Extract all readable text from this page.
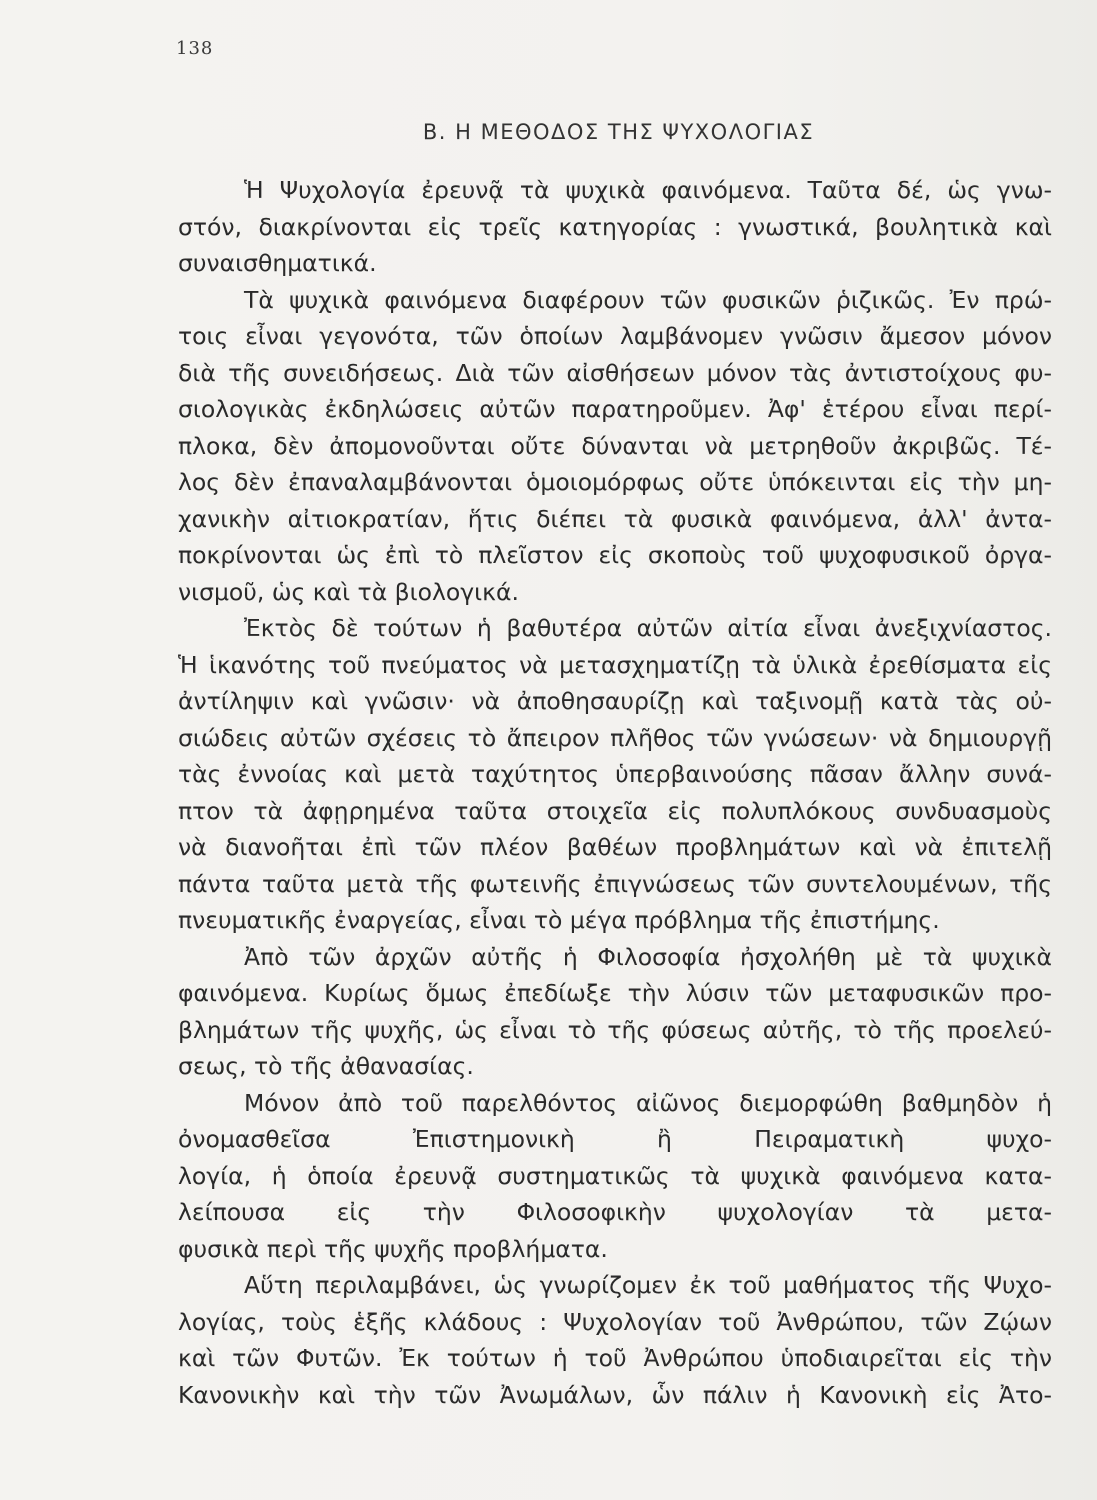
138
Β. Η ΜΕΘΟΔΟΣ ΤΗΣ ΨΥΧΟΛΟΓΙΑΣ
Ἡ Ψυχολογία ἐρευνᾷ τὰ ψυχικὰ φαινόμενα. Ταῦτα δέ, ὡς γνω-
στόν, διακρίνονται εἰς τρεῖς κατηγορίας : γνωστικά, βουλητικὰ καὶ
συναισθηματικά.
Τὰ ψυχικὰ φαινόμενα διαφέρουν τῶν φυσικῶν ῥιζικῶς. Ἐν πρώ-
τοις εἶναι γεγονότα, τῶν ὁποίων λαμβάνομεν γνῶσιν ἄμεσον μόνον
διὰ τῆς συνειδήσεως. Διὰ τῶν αἰσθήσεων μόνον τὰς ἀντιστοίχους φυ-
σιολογικὰς ἐκδηλώσεις αὐτῶν παρατηροῦμεν. Ἀφ' ἑτέρου εἶναι περί-
πλοκα, δὲν ἀπομονοῦνται οὔτε δύνανται νὰ μετρηθοῦν ἀκριβῶς. Τέ-
λος δὲν ἐπαναλαμβάνονται ὁμοιομόρφως οὔτε ὑπόκεινται εἰς τὴν μη-
χανικὴν αἰτιοκρατίαν, ἥτις διέπει τὰ φυσικὰ φαινόμενα, ἀλλ' ἀντα-
ποκρίνονται ὡς ἐπὶ τὸ πλεῖστον εἰς σκοποὺς τοῦ ψυχοφυσικοῦ ὀργα-
νισμοῦ, ὡς καὶ τὰ βιολογικά.
Ἐκτὸς δὲ τούτων ἡ βαθυτέρα αὐτῶν αἰτία εἶναι ἀνεξιχνίαστος.
Ἡ ἱκανότης τοῦ πνεύματος νὰ μετασχηματίζῃ τὰ ὑλικὰ ἐρεθίσματα εἰς
ἀντίληψιν καὶ γνῶσιν· νὰ ἀποθησαυρίζῃ καὶ ταξινομῇ κατὰ τὰς οὐ-
σιώδεις αὐτῶν σχέσεις τὸ ἄπειρον πλῆθος τῶν γνώσεων· νὰ δημιουργῇ
τὰς ἐννοίας καὶ μετὰ ταχύτητος ὑπερβαινούσης πᾶσαν ἄλλην συνά-
πτον τὰ ἀφῃρημένα ταῦτα στοιχεῖα εἰς πολυπλόκους συνδυασμοὺς
νὰ διανοῆται ἐπὶ τῶν πλέον βαθέων προβλημάτων καὶ νὰ ἐπιτελῇ
πάντα ταῦτα μετὰ τῆς φωτεινῆς ἐπιγνώσεως τῶν συντελουμένων, τῆς
πνευματικῆς ἐναργείας, εἶναι τὸ μέγα πρόβλημα τῆς ἐπιστήμης.
Ἀπὸ τῶν ἀρχῶν αὐτῆς ἡ Φιλοσοφία ἠσχολήθη μὲ τὰ ψυχικὰ
φαινόμενα. Κυρίως ὅμως ἐπεδίωξε τὴν λύσιν τῶν μεταφυσικῶν προ-
βλημάτων τῆς ψυχῆς, ὡς εἶναι τὸ τῆς φύσεως αὐτῆς, τὸ τῆς προελεύ-
σεως, τὸ τῆς ἀθανασίας.
Μόνον ἀπὸ τοῦ παρελθόντος αἰῶνος διεμορφώθη βαθμηδὸν ἡ
ὀνομασθεῖσα Ἐπιστημονικὴ ἢ Πειραματικὴ ψυχο-
λογία, ἡ ὁποία ἐρευνᾷ συστηματικῶς τὰ ψυχικὰ φαινόμενα κατα-
λείπουσα εἰς τὴν Φιλοσοφικὴν ψυχολογίαν τὰ μετα-
φυσικὰ περὶ τῆς ψυχῆς προβλήματα.
Αὕτη περιλαμβάνει, ὡς γνωρίζομεν ἐκ τοῦ μαθήματος τῆς Ψυχο-
λογίας, τοὺς ἑξῆς κλάδους : Ψυχολογίαν τοῦ Ἀνθρώπου, τῶν Ζῴων
καὶ τῶν Φυτῶν. Ἐκ τούτων ἡ τοῦ Ἀνθρώπου ὑποδιαιρεῖται εἰς τὴν
Κανονικὴν καὶ τὴν τῶν Ἀνωμάλων, ὧν πάλιν ἡ Κανονικὴ εἰς Ἀτο-
